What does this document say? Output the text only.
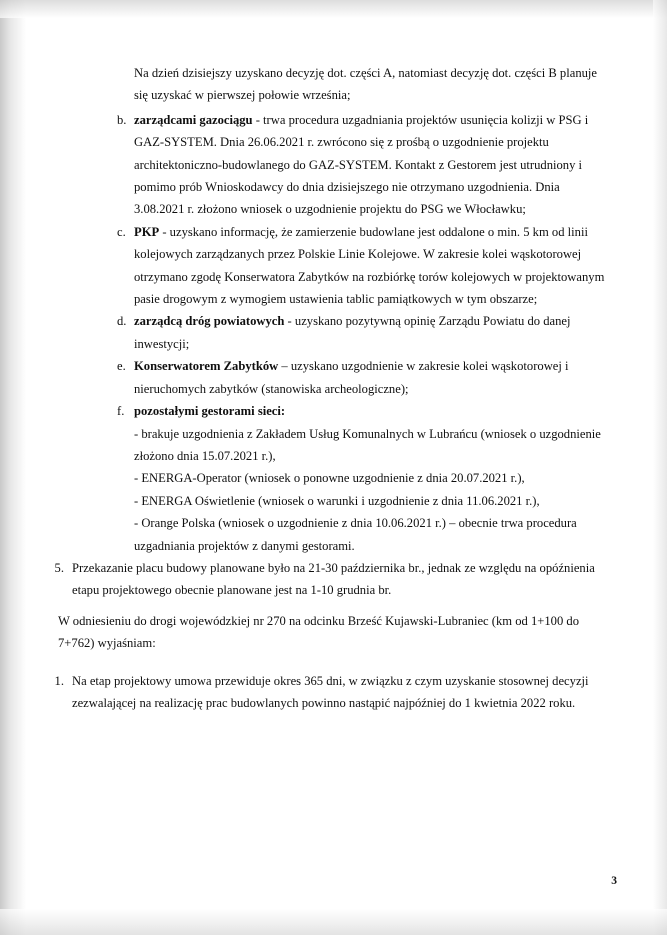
Na dzień dzisiejszy uzyskano decyzję dot. części A, natomiast decyzję dot. części B planuje się uzyskać w pierwszej połowie września;

b. zarządcami gazociągu - trwa procedura uzgadniania projektów usunięcia kolizji w PSG i GAZ-SYSTEM. Dnia 26.06.2021 r. zwrócono się z prośbą o uzgodnienie projektu architektoniczno-budowlanego do GAZ-SYSTEM. Kontakt z Gestorem jest utrudniony i pomimo prób Wnioskodawcy do dnia dzisiejszego nie otrzymano uzgodnienia. Dnia 3.08.2021 r. złożono wniosek o uzgodnienie projektu do PSG we Włocławku;
c. PKP - uzyskano informację, że zamierzenie budowlane jest oddalone o min. 5 km od linii kolejowych zarządzanych przez Polskie Linie Kolejowe. W zakresie kolei wąskotorowej otrzymano zgodę Konserwatora Zabytków na rozbiórkę torów kolejowych w projektowanym pasie drogowym z wymogiem ustawienia tablic pamiątkowych w tym obszarze;
d. zarządcą dróg powiatowych - uzyskano pozytywną opinię Zarządu Powiatu do danej inwestycji;
e. Konserwatorem Zabytków – uzyskano uzgodnienie w zakresie kolei wąskotorowej i nieruchomych zabytków (stanowiska archeologiczne);
f. pozostałymi gestorami sieci:

- brakuje uzgodnienia z Zakładem Usług Komunalnych w Lubrańcu (wniosek o uzgodnienie złożono dnia 15.07.2021 r.),

- ENERGA-Operator (wniosek o ponowne uzgodnienie z dnia 20.07.2021 r.),

- ENERGA Oświetlenie (wniosek o warunki i uzgodnienie z dnia 11.06.2021 r.),

- Orange Polska (wniosek o uzgodnienie z dnia 10.06.2021 r.) – obecnie trwa procedura uzgadniania projektów z danymi gestorami.

5. Przekazanie placu budowy planowane było na 21-30 października br., jednak ze względu na opóźnienia etapu projektowego obecnie planowane jest na 1-10 grudnia br.

W odniesieniu do drogi wojewódzkiej nr 270 na odcinku Brześć Kujawski-Lubraniec (km od 1+100 do 7+762) wyjaśniam:

1. Na etap projektowy umowa przewiduje okres 365 dni, w związku z czym uzyskanie stosownej decyzji zezwalającej na realizację prac budowlanych powinno nastąpić najpóźniej do 1 kwietnia 2022 roku.
3
